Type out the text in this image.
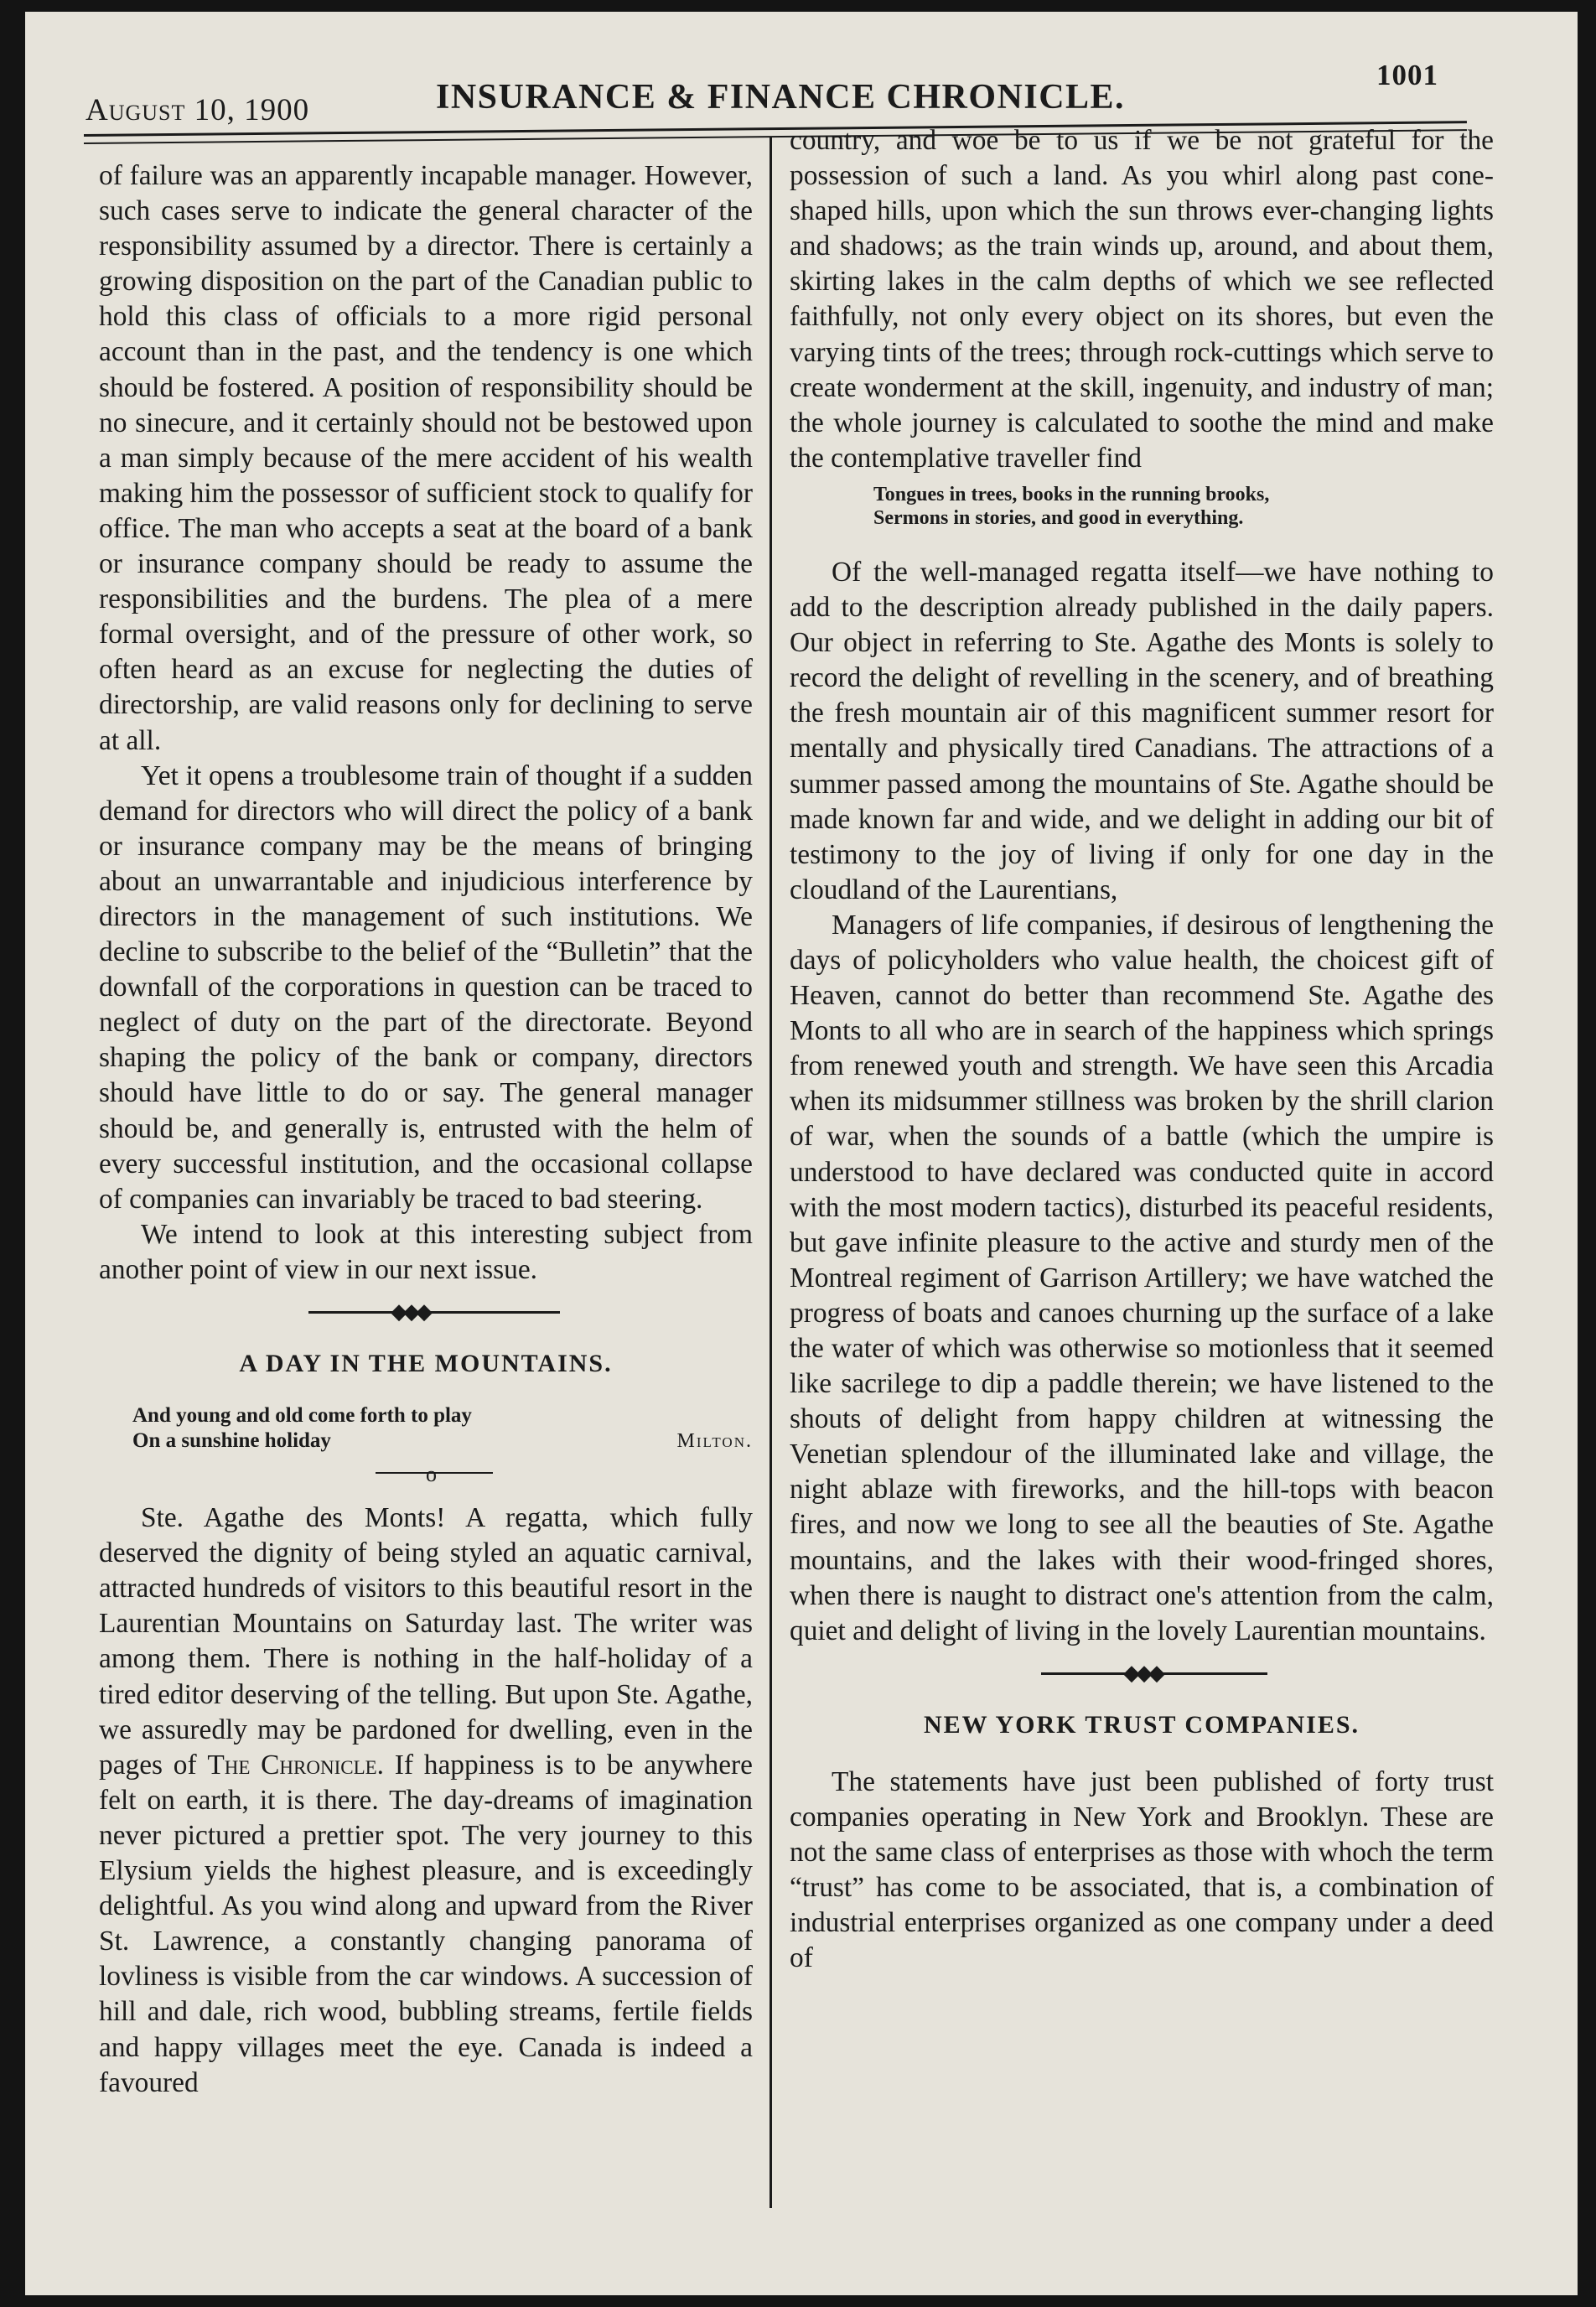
August 10, 1900	INSURANCE & FINANCE CHRONICLE.
1001

of failure was an apparently incapable manager. However, such cases serve to indicate the general character of the responsibility assumed by a director. There is certainly a growing disposition on the part of the Canadian public to hold this class of officials to a more rigid personal account than in the past, and the tendency is one which should be fostered. A position of responsibility should be no sinecure, and it certainly should not be bestowed upon a man simply because of the mere accident of his wealth making him the possessor of sufficient stock to qualify for office. The man who accepts a seat at the board of a bank or insurance company should be ready to assume the responsibilities and the burdens. The plea of a mere formal oversight, and of the pressure of other work, so often heard as an excuse for neglecting the duties of directorship, are valid reasons only for declining to serve at all.

Yet it opens a troublesome train of thought if a sudden demand for directors who will direct the policy of a bank or insurance company may be the means of bringing about an unwarrantable and injudicious interference by directors in the management of such institutions. We decline to subscribe to the belief of the “Bulletin” that the downfall of the corporations in question can be traced to neglect of duty on the part of the directorate. Beyond shaping the policy of the bank or company, directors should have little to do or say. The general manager should be, and generally is, entrusted with the helm of every successful institution, and the occasional collapse of companies can invariably be traced to bad steering.

We intend to look at this interesting subject from another point of view in our next issue.

◆◆◆
A DAY IN THE MOUNTAINS.
And young and old come forth to play
On a sunshine holiday	Milton.
o

Ste. Agathe des Monts! A regatta, which fully deserved the dignity of being styled an aquatic carnival, attracted hundreds of visitors to this beautiful resort in the Laurentian Mountains on Saturday last. The writer was among them. There is nothing in the half-holiday of a tired editor deserving of the telling. But upon Ste. Agathe, we assuredly may be pardoned for dwelling, even in the pages of The Chronicle. If happiness is to be anywhere felt on earth, it is there. The day-dreams of imagination never pictured a prettier spot. The very journey to this Elysium yields the highest pleasure, and is exceedingly delightful. As you wind along and upward from the River St. Lawrence, a constantly changing panorama of lovliness is visible from the car windows. A succession of hill and dale, rich wood, bubbling streams, fertile fields and happy villages meet the eye. Canada is indeed a favoured

country, and woe be to us if we be not grateful for the possession of such a land. As you whirl along past cone-shaped hills, upon which the sun throws ever-changing lights and shadows; as the train winds up, around, and about them, skirting lakes in the calm depths of which we see reflected faithfully, not only every object on its shores, but even the varying tints of the trees; through rock-cuttings which serve to create wonderment at the skill, ingenuity, and industry of man; the whole journey is calculated to soothe the mind and make the contemplative traveller find

Tongues in trees, books in the running brooks,
Sermons in stories, and good in everything.

Of the well-managed regatta itself—we have nothing to add to the description already published in the daily papers. Our object in referring to Ste. Agathe des Monts is solely to record the delight of revelling in the scenery, and of breathing the fresh mountain air of this magnificent summer resort for mentally and physically tired Canadians. The attractions of a summer passed among the mountains of Ste. Agathe should be made known far and wide, and we delight in adding our bit of testimony to the joy of living if only for one day in the cloudland of the Laurentians,

Managers of life companies, if desirous of lengthening the days of policyholders who value health, the choicest gift of Heaven, cannot do better than recommend Ste. Agathe des Monts to all who are in search of the happiness which springs from renewed youth and strength. We have seen this Arcadia when its midsummer stillness was broken by the shrill clarion of war, when the sounds of a battle (which the umpire is understood to have declared was conducted quite in accord with the most modern tactics), disturbed its peaceful residents, but gave infinite pleasure to the active and sturdy men of the Montreal regiment of Garrison Artillery; we have watched the progress of boats and canoes churning up the surface of a lake the water of which was otherwise so motionless that it seemed like sacrilege to dip a paddle therein; we have listened to the shouts of delight from happy children at witnessing the Venetian splendour of the illuminated lake and village, the night ablaze with fireworks, and the hill-tops with beacon fires, and now we long to see all the beauties of Ste. Agathe mountains, and the lakes with their wood-fringed shores, when there is naught to distract one's attention from the calm, quiet and delight of living in the lovely Laurentian mountains.

◆◆◆
NEW YORK TRUST COMPANIES.

The statements have just been published of forty trust companies operating in New York and Brooklyn. These are not the same class of enterprises as those with whoch the term “trust” has come to be associated, that is, a combination of industrial enterprises organized as one company under a deed of
